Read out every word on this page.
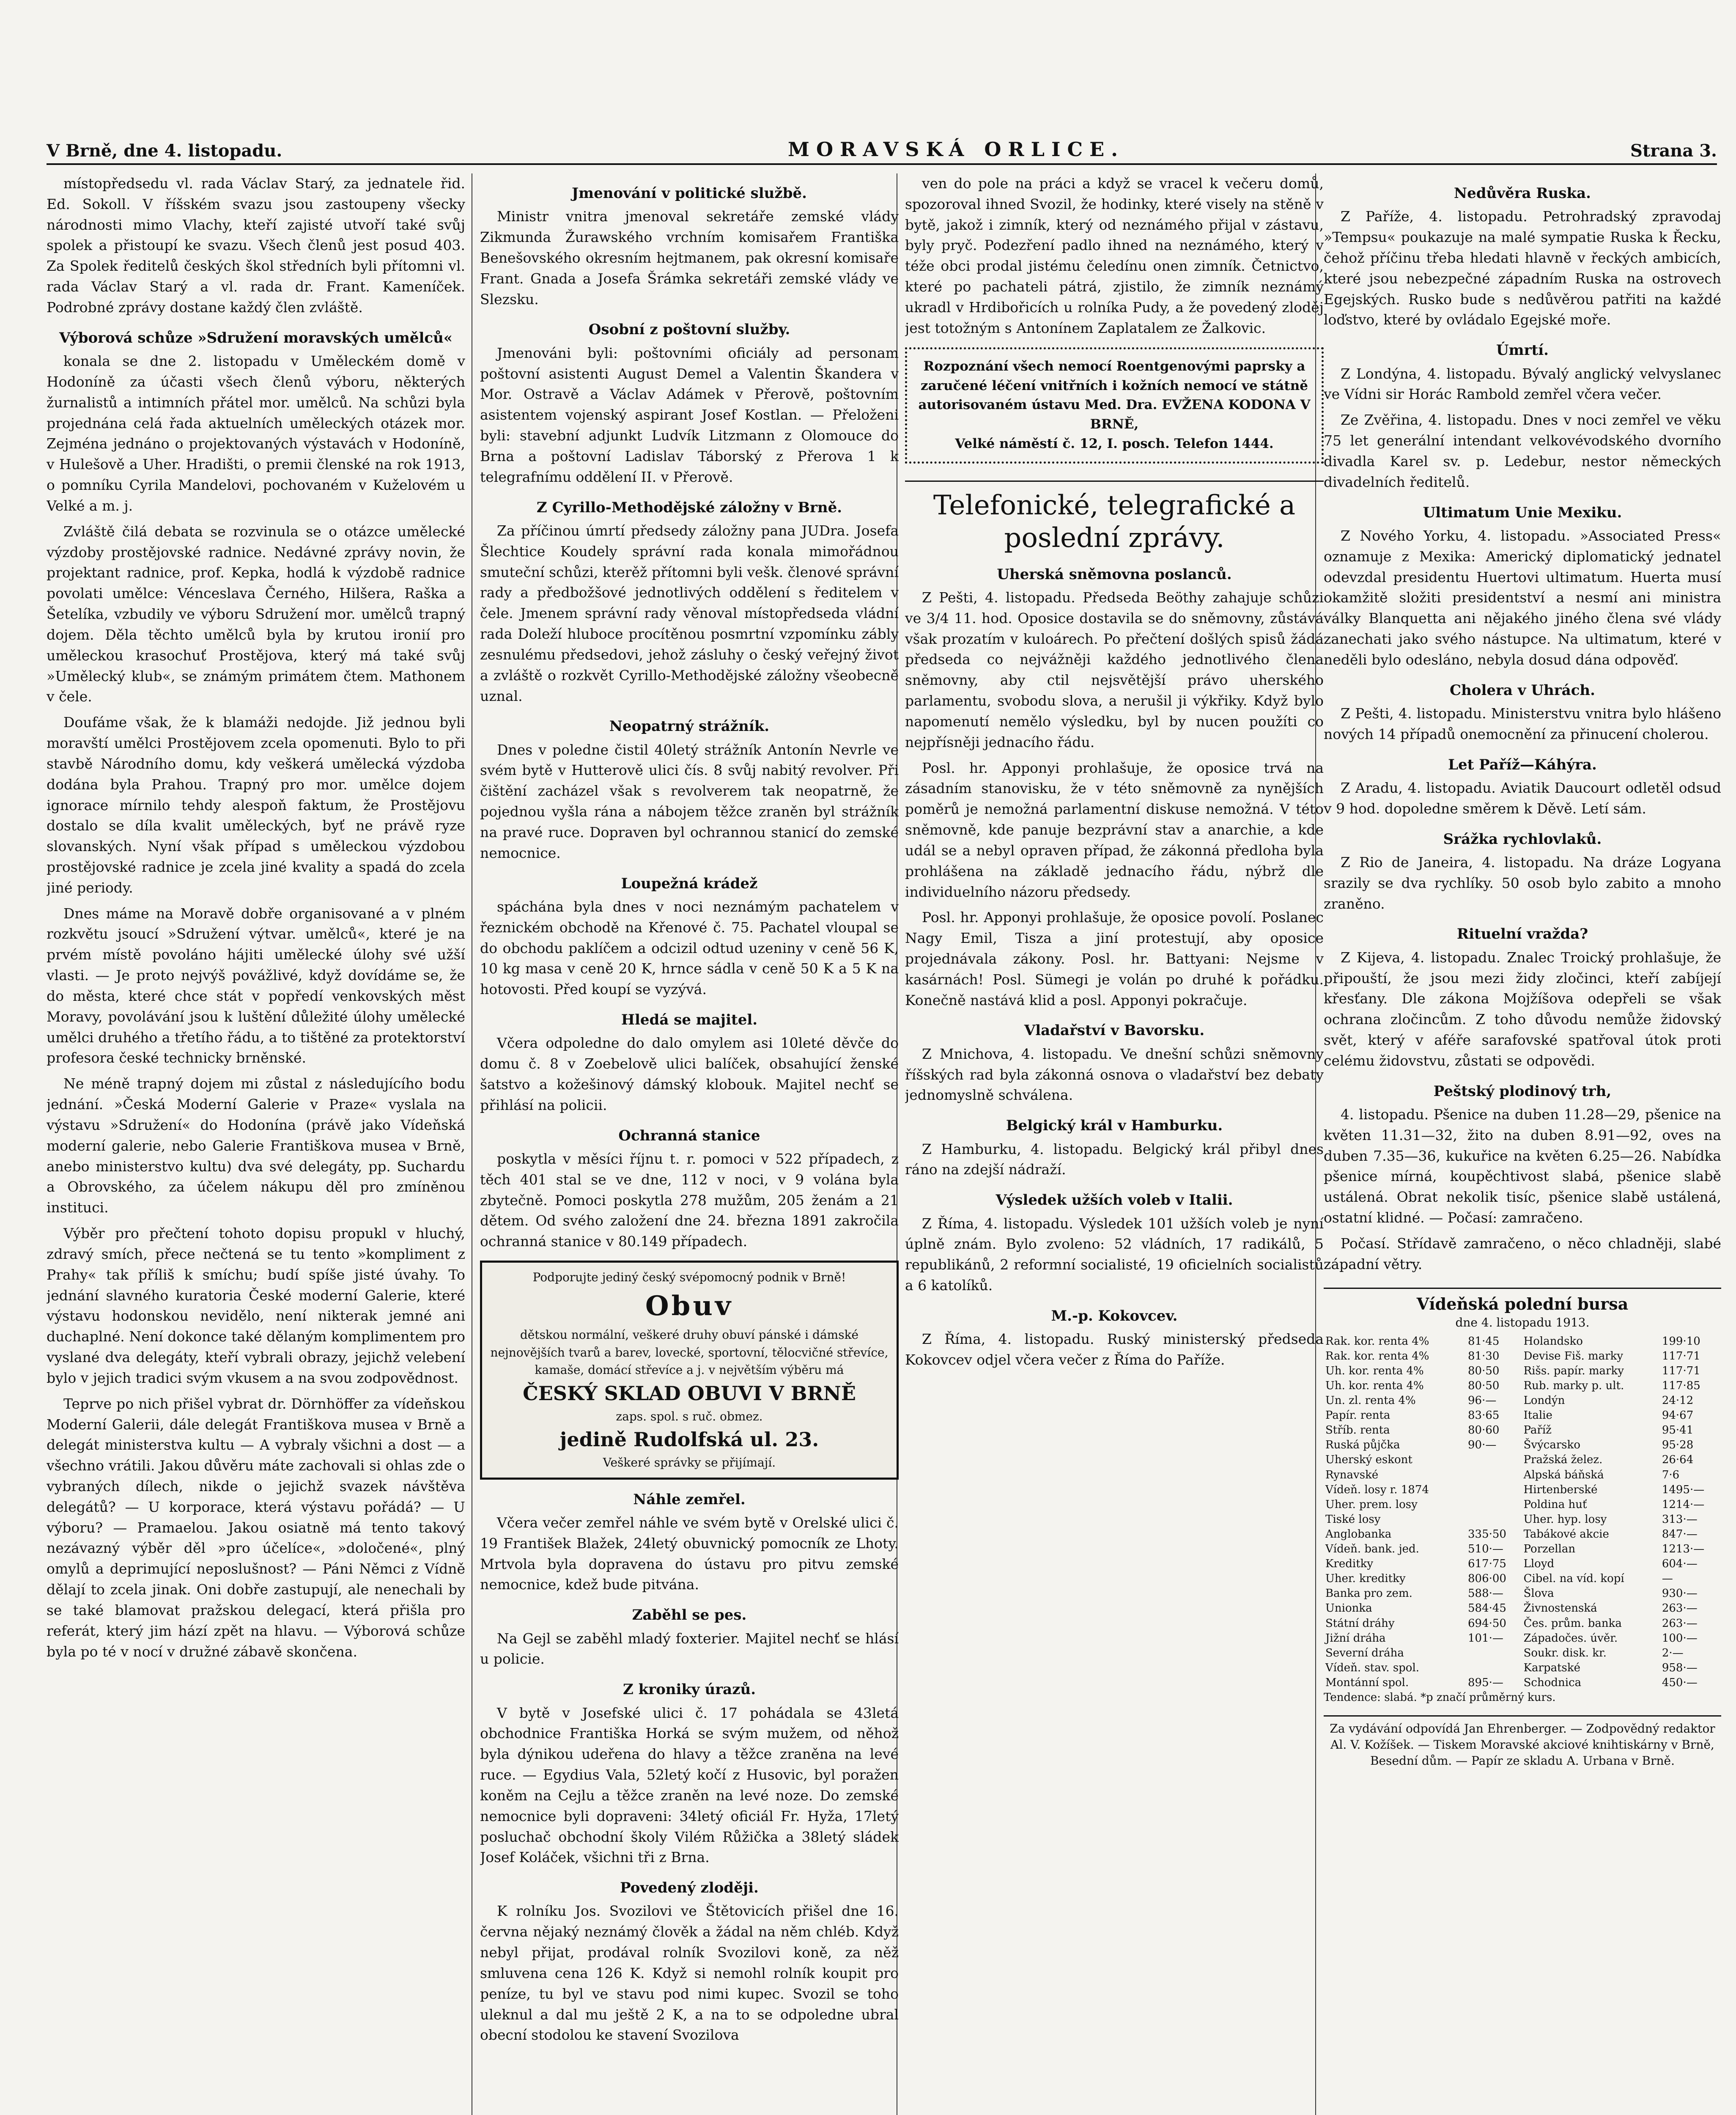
V Brně, dne 4. listopadu.	MORAVSKÁ ORLICE.	Strana 3.

místopředsedu vl. rada Václav Starý, za jednatele řid. Ed. Sokoll. V říšském svazu jsou zastoupeny všecky národnosti mimo Vlachy, kteří zajisté utvoří také svůj spolek a přistoupí ke svazu. Všech členů jest posud 403. Za Spolek ředitelů českých škol středních byli přítomni vl. rada Václav Starý a vl. rada dr. Frant. Kameníček. Podrobné zprávy dostane každý člen zvláště.

Výborová schůze »Sdružení moravských umělců«

konala se dne 2. listopadu v Uměleckém domě v Hodoníně za účasti všech členů výboru, některých žurnalistů a intimních přátel mor. umělců. Na schůzi byla projednána celá řada aktuelních uměleckých otázek mor. Zejména jednáno o projektovaných výstavách v Hodoníně, v Hulešově a Uher. Hradišti, o premii členské na rok 1913, o pomníku Cyrila Mandelovi, pochovaném v Kuželovém u Velké a m. j.

Zvláště čilá debata se rozvinula se o otázce umělecké výzdoby prostějovské radnice. Nedávné zprávy novin, že projektant radnice, prof. Kepka, hodlá k výzdobě radnice povolati umělce: Vénceslava Černého, Hilšera, Raška a Šetelíka, vzbudily ve výboru Sdružení mor. umělců trapný dojem. Děla těchto umělců byla by krutou ironií pro uměleckou krasochuť Prostějova, který má také svůj »Umělecký klub«, se známým primátem čtem. Mathonem v čele.

Doufáme však, že k blamáži nedojde. Již jednou byli moravští umělci Prostějovem zcela opomenuti. Bylo to při stavbě Národního domu, kdy veškerá umělecká výzdoba dodána byla Prahou. Trapný pro mor. umělce dojem ignorace mírnilo tehdy alespoň faktum, že Prostějovu dostalo se díla kvalit uměleckých, byť ne právě ryze slovanských. Nyní však případ s uměleckou výzdobou prostějovské radnice je zcela jiné kvality a spadá do zcela jiné periody.

Dnes máme na Moravě dobře organisované a v plném rozkvětu jsoucí »Sdružení výtvar. umělců«, které je na prvém místě povoláno hájiti umělecké úlohy své užší vlasti. — Je proto nejvýš povážlivé, když dovídáme se, že do města, které chce stát v popředí venkovských měst Moravy, povolávání jsou k luštění důležité úlohy umělecké umělci druhého a třetího řádu, a to tištěné za protektorství profesora české technicky brněnské.

Ne méně trapný dojem mi zůstal z následujícího bodu jednání. »Česká Moderní Galerie v Praze« vyslala na výstavu »Sdružení« do Hodonína (právě jako Vídeňská moderní galerie, nebo Galerie Františkova musea v Brně, anebo ministerstvo kultu) dva své delegáty, pp. Suchardu a Obrovského, za účelem nákupu děl pro zmíněnou instituci.

Výběr pro přečtení tohoto dopisu propukl v hluchý, zdravý smích, přece nečtená se tu tento »kompliment z Prahy« tak příliš k smíchu; budí spíše jisté úvahy. To jednání slavného kuratoria České moderní Galerie, které výstavu hodonskou nevidělo, není nikterak jemné ani duchaplné. Není dokonce také dělaným komplimentem pro vyslané dva delegáty, kteří vybrali obrazy, jejichž velebení bylo v jejich tradici svým vkusem a na svou zodpovědnost.

Teprve po nich přišel vybrat dr. Dörnhöffer za vídeňskou Moderní Galerii, dále delegát Františkova musea v Brně a delegát ministerstva kultu — A vybraly všichni a dost — a všechno vrátili. Jakou důvěru máte zachovali si ohlas zde o vybraných dílech, nikde o jejichž svazek návštěva delegátů? — U korporace, která výstavu pořádá? — U výboru? — Pramaelou. Jakou osiatně má tento takový nezávazný výběr děl »pro účelíce«, »določené«, plný omylů a deprimující neposlušnost? — Páni Němci z Vídně dělají to zcela jinak. Oni dobře zastupují, ale nenechali by se také blamovat pražskou delegací, která přišla pro referát, který jim hází zpět na hlavu. — Výborová schůze byla po té v nocí v družné zábavě skončena.

Jmenování v politické službě.

Ministr vnitra jmenoval sekretáře zemské vlády Zikmunda Žurawského vrchním komisařem Františka Benešovského okresním hejtmanem, pak okresní komisaře Frant. Gnada a Josefa Šrámka sekretáři zemské vlády ve Slezsku.

Osobní z poštovní služby.

Jmenováni byli: poštovními oficiály ad personam poštovní asistenti August Demel a Valentin Škandera v Mor. Ostravě a Václav Adámek v Přerově, poštovním asistentem vojenský aspirant Josef Kostlan. — Přeloženi byli: stavební adjunkt Ludvík Litzmann z Olomouce do Brna a poštovní Ladislav Táborský z Přerova 1 k telegrafnímu oddělení II. v Přerově.

Z Cyrillo-Methodějské záložny v Brně.

Za příčinou úmrtí předsedy záložny pana JUDra. Josefa Šlechtice Koudely správní rada konala mimořádnou smuteční schůzi, kterěž přítomni byli vešk. členové správní rady a předbožšové jednotlivých oddělení s ředitelem v čele. Jmenem správní rady věnoval místopředseda vládní rada Doleží hluboce procítěnou posmrtní vzpomínku zábly zesnulému předsedovi, jehož zásluhy o český veřejný život a zvláště o rozkvět Cyrillo-Methodějské záložny všeobecně uznal.

Neopatrný strážník.

Dnes v poledne čistil 40letý strážník Antonín Nevrle ve svém bytě v Hutterově ulici čís. 8 svůj nabitý revolver. Při čištění zacházel však s revolverem tak neopatrně, že pojednou vyšla rána a nábojem těžce zraněn byl strážník na pravé ruce. Dopraven byl ochrannou stanicí do zemské nemocnice.

Loupežná krádež

spáchána byla dnes v noci neznámým pachatelem v řeznickém obchodě na Křenové č. 75. Pachatel vloupal se do obchodu paklíčem a odcizil odtud uzeniny v ceně 56 K, 10 kg masa v ceně 20 K, hrnce sádla v ceně 50 K a 5 K na hotovosti. Před koupí se vyzývá.

Hledá se majitel.

Včera odpoledne do dalo omylem asi 10leté děvče do domu č. 8 v Zoebelově ulici balíček, obsahující ženské šatstvo a kožešinový dámský klobouk. Majitel nechť se přihlásí na policii.

Ochranná stanice

poskytla v měsíci říjnu t. r. pomoci v 522 případech, z těch 401 stal se ve dne, 112 v noci, v 9 volána byla zbytečně. Pomoci poskytla 278 mužům, 205 ženám a 21 dětem. Od svého založení dne 24. března 1891 zakročila ochranná stanice v 80.149 případech.

Podporujte jediný český svépomocný podnik v Brně!
Obuv
dětskou normální, veškeré druhy obuví pánské i dámské nejnovějších tvarů a barev, lovecké, sportovní, tělocvičné střevíce, kamaše, domácí střevíce a j. v největším výběru má
ČESKÝ SKLAD OBUVI V BRNĚ
zaps. spol. s ruč. obmez.
jedině Rudolfská ul. 23.
Veškeré správky se přijímají.
Náhle zemřel.

Včera večer zemřel náhle ve svém bytě v Orelské ulici č. 19 František Blažek, 24letý obuvnický pomocník ze Lhoty. Mrtvola byla dopravena do ústavu pro pitvu zemské nemocnice, kdež bude pitvána.

Zaběhl se pes.

Na Gejl se zaběhl mladý foxterier. Majitel nechť se hlásí u policie.

Z kroniky úrazů.

V bytě v Josefské ulici č. 17 pohádala se 43letá obchodnice Františka Horká se svým mužem, od něhož byla dýnikou udeřena do hlavy a těžce zraněna na levé ruce. — Egydius Vala, 52letý kočí z Husovic, byl poražen koněm na Cejlu a těžce zraněn na levé noze. Do zemské nemocnice byli dopraveni: 34letý oficiál Fr. Hyža, 17letý posluchač obchodní školy Vilém Růžička a 38letý sládek Josef Koláček, všichni tři z Brna.

Povedený zloději.

K rolníku Jos. Svozilovi ve Štětovicích přišel dne 16. června nějaký neznámý člověk a žádal na něm chléb. Když nebyl přijat, prodával rolník Svozilovi koně, za něž smluvena cena 126 K. Když si nemohl rolník koupit pro peníze, tu byl ve stavu pod nimi kupec. Svozil se toho uleknul a dal mu ještě 2 K, a na to se odpoledne ubral obecní stodolou ke stavení Svozilova

ven do pole na práci a když se vracel k večeru domů, spozoroval ihned Svozil, že hodinky, které visely na stěně v bytě, jakož i zimník, který od neznámého přijal v zástavu, byly pryč. Podezření padlo ihned na neznámého, který v téže obci prodal jistému čeledínu onen zimník. Četnictvo, které po pachateli pátrá, zjistilo, že zimník neznámý ukradl v Hrdibořicích u rolníka Pudy, a že povedený zloděj jest totožným s Antonínem Zaplatalem ze Žalkovic.

Rozpoznání všech nemocí Roentgenovými paprsky a zaručené léčení vnitřních i kožních nemocí ve státně autorisovaném ústavu Med. Dra. EVŽENA KODONA V BRNĚ,
Velké náměstí č. 12, I. posch. Telefon 1444.
Telefonické, telegrafické a poslední zprávy.
Uherská sněmovna poslanců.

Z Pešti, 4. listopadu. Předseda Beöthy zahajuje schůzi ve 3/4 11. hod. Oposice dostavila se do sněmovny, zůstává však prozatím v kuloárech. Po přečtení došlých spisů žádá předseda co nejvážněji každého jednotlivého člena sněmovny, aby ctil nejsvětější právo uherského parlamentu, svobodu slova, a nerušil ji výkřiky. Když bylo napomenutí nemělo výsledku, byl by nucen použíti co nejpřísněji jednacího řádu.

Posl. hr. Apponyi prohlašuje, že oposice trvá na zásadním stanovisku, že v této sněmovně za nynějších poměrů je nemožná parlamentní diskuse nemožná. V této sněmovně, kde panuje bezprávní stav a anarchie, a kde udál se a nebyl opraven případ, že zákonná předloha byla prohlášena na základě jednacího řádu, nýbrž dle individuelního názoru předsedy.

Posl. hr. Apponyi prohlašuje, že oposice povolí. Poslanec Nagy Emil, Tisza a jiní protestují, aby oposice projednávala zákony. Posl. hr. Battyani: Nejsme v kasárnách! Posl. Sümegi je volán po druhé k pořádku. Konečně nastává klid a posl. Apponyi pokračuje.

Vladařství v Bavorsku.

Z Mnichova, 4. listopadu. Ve dnešní schůzi sněmovny říšských rad byla zákonná osnova o vladařství bez debaty jednomyslně schválena.

Belgický král v Hamburku.

Z Hamburku, 4. listopadu. Belgický král přibyl dnes ráno na zdejší nádraží.

Výsledek užších voleb v Italii.

Z Říma, 4. listopadu. Výsledek 101 užších voleb je nyní úplně znám. Bylo zvoleno: 52 vládních, 17 radikálů, 5 republikánů, 2 reformní socialisté, 19 oficielních socialistů a 6 katolíků.

M.-p. Kokovcev.

Z Říma, 4. listopadu. Ruský ministerský předseda Kokovcev odjel včera večer z Říma do Paříže.

Nedůvěra Ruska.

Z Paříže, 4. listopadu. Petrohradský zpravodaj »Tempsu« poukazuje na malé sympatie Ruska k Řecku, čehož příčinu třeba hledati hlavně v řeckých ambicích, které jsou nebezpečné západním Ruska na ostrovech Egejských. Rusko bude s nedůvěrou patřiti na každé loďstvo, které by ovládalo Egejské moře.

Úmrtí.

Z Londýna, 4. listopadu. Bývalý anglický velvyslanec ve Vídni sir Horác Rambold zemřel včera večer.

Ze Zvěřina, 4. listopadu. Dnes v noci zemřel ve věku 75 let generální intendant velkovévodského dvorního divadla Karel sv. p. Ledebur, nestor německých divadelních ředitelů.

Ultimatum Unie Mexiku.

Z Nového Yorku, 4. listopadu. »Associated Press« oznamuje z Mexika: Americký diplomatický jednatel odevzdal presidentu Huertovi ultimatum. Huerta musí okamžitě složiti presidentství a nesmí ani ministra války Blanquetta ani nějakého jiného člena své vlády zanechati jako svého nástupce. Na ultimatum, které v neděli bylo odesláno, nebyla dosud dána odpověď.

Cholera v Uhrách.

Z Pešti, 4. listopadu. Ministerstvu vnitra bylo hlášeno nových 14 případů onemocnění za přinucení cholerou.

Let Paříž—Káhýra.

Z Aradu, 4. listopadu. Aviatik Daucourt odletěl odsud v 9 hod. dopoledne směrem k Děvě. Letí sám.

Srážka rychlovlaků.

Z Rio de Janeira, 4. listopadu. Na dráze Logyana srazily se dva rychlíky. 50 osob bylo zabito a mnoho zraněno.

Rituelní vražda?

Z Kijeva, 4. listopadu. Znalec Troický prohlašuje, že připouští, že jsou mezi židy zločinci, kteří zabíjejí křesťany. Dle zákona Mojžíšova odepřeli se však ochrana zločincům. Z toho důvodu nemůže židovský svět, který v aféře sarafovské spatřoval útok proti celému židovstvu, zůstati se odpovědi.

Peštský plodinový trh,

4. listopadu. Pšenice na duben 11.28—29, pšenice na květen 11.31—32, žito na duben 8.91—92, oves na duben 7.35—36, kukuřice na květen 6.25—26. Nabídka pšenice mírná, koupěchtivost slabá, pšenice slabě ustálená. Obrat nekolik tisíc, pšenice slabě ustálená, ostatní klidné. — Počasí: zamračeno.

Počasí. Střídavě zamračeno, o něco chladněji, slabé západní větry.

Vídeňská polední bursa
dne 4. listopadu 1913.
Rak. kor. renta 4%	81·45	Holandsko	199·10
Rak. kor. renta 4%	81·30	Devise Fiš. marky	117·71
Uh. kor. renta 4%	80·50	Rišs. papír. marky	117·71
Uh. kor. renta 4%	80·50	Rub. marky p. ult.	117·85
Un. zl. renta 4%	96·—	Londýn	24·12
Papír. renta	83·65	Italie	94·67
Stříb. renta	80·60	Paříž	95·41
Ruská půjčka	90·—	Švýcarsko	95·28
Uherský eskont		Pražská želez.	26·64
Rynavské		Alpská báňská	7·6
Vídeň. losy r. 1874		Hirtenberské	1495·—
Uher. prem. losy		Poldina huť	1214·—
Tiské losy		Uher. hyp. losy	313·—
Anglobanka	335·50	Tabákové akcie	847·—
Vídeň. bank. jed.	510·—	Porzellan	1213·—
Kreditky	617·75	Lloyd	604·—
Uher. kreditky	806·00	Cibel. na víd. kopí	—
Banka pro zem.	588·—	Šlova	930·—
Unionka	584·45	Živnostenská	263·—
Státní dráhy	694·50	Čes. prům. banka	263·—
Jižní dráha	101·—	Západočes. úvěr.	100·—
Severní dráha		Soukr. disk. kr.	2·—
Vídeň. stav. spol.		Karpatské	958·—
Montánní spol.	895·—	Schodnica	450·—
Tendence: slabá. *p značí průměrný kurs.
Za vydávání odpovídá Jan Ehrenberger. — Zodpovědný redaktor Al. V. Kožíšek. — Tiskem Moravské akciové knihtiskárny v Brně, Besední dům. — Papír ze skladu A. Urbana v Brně.
